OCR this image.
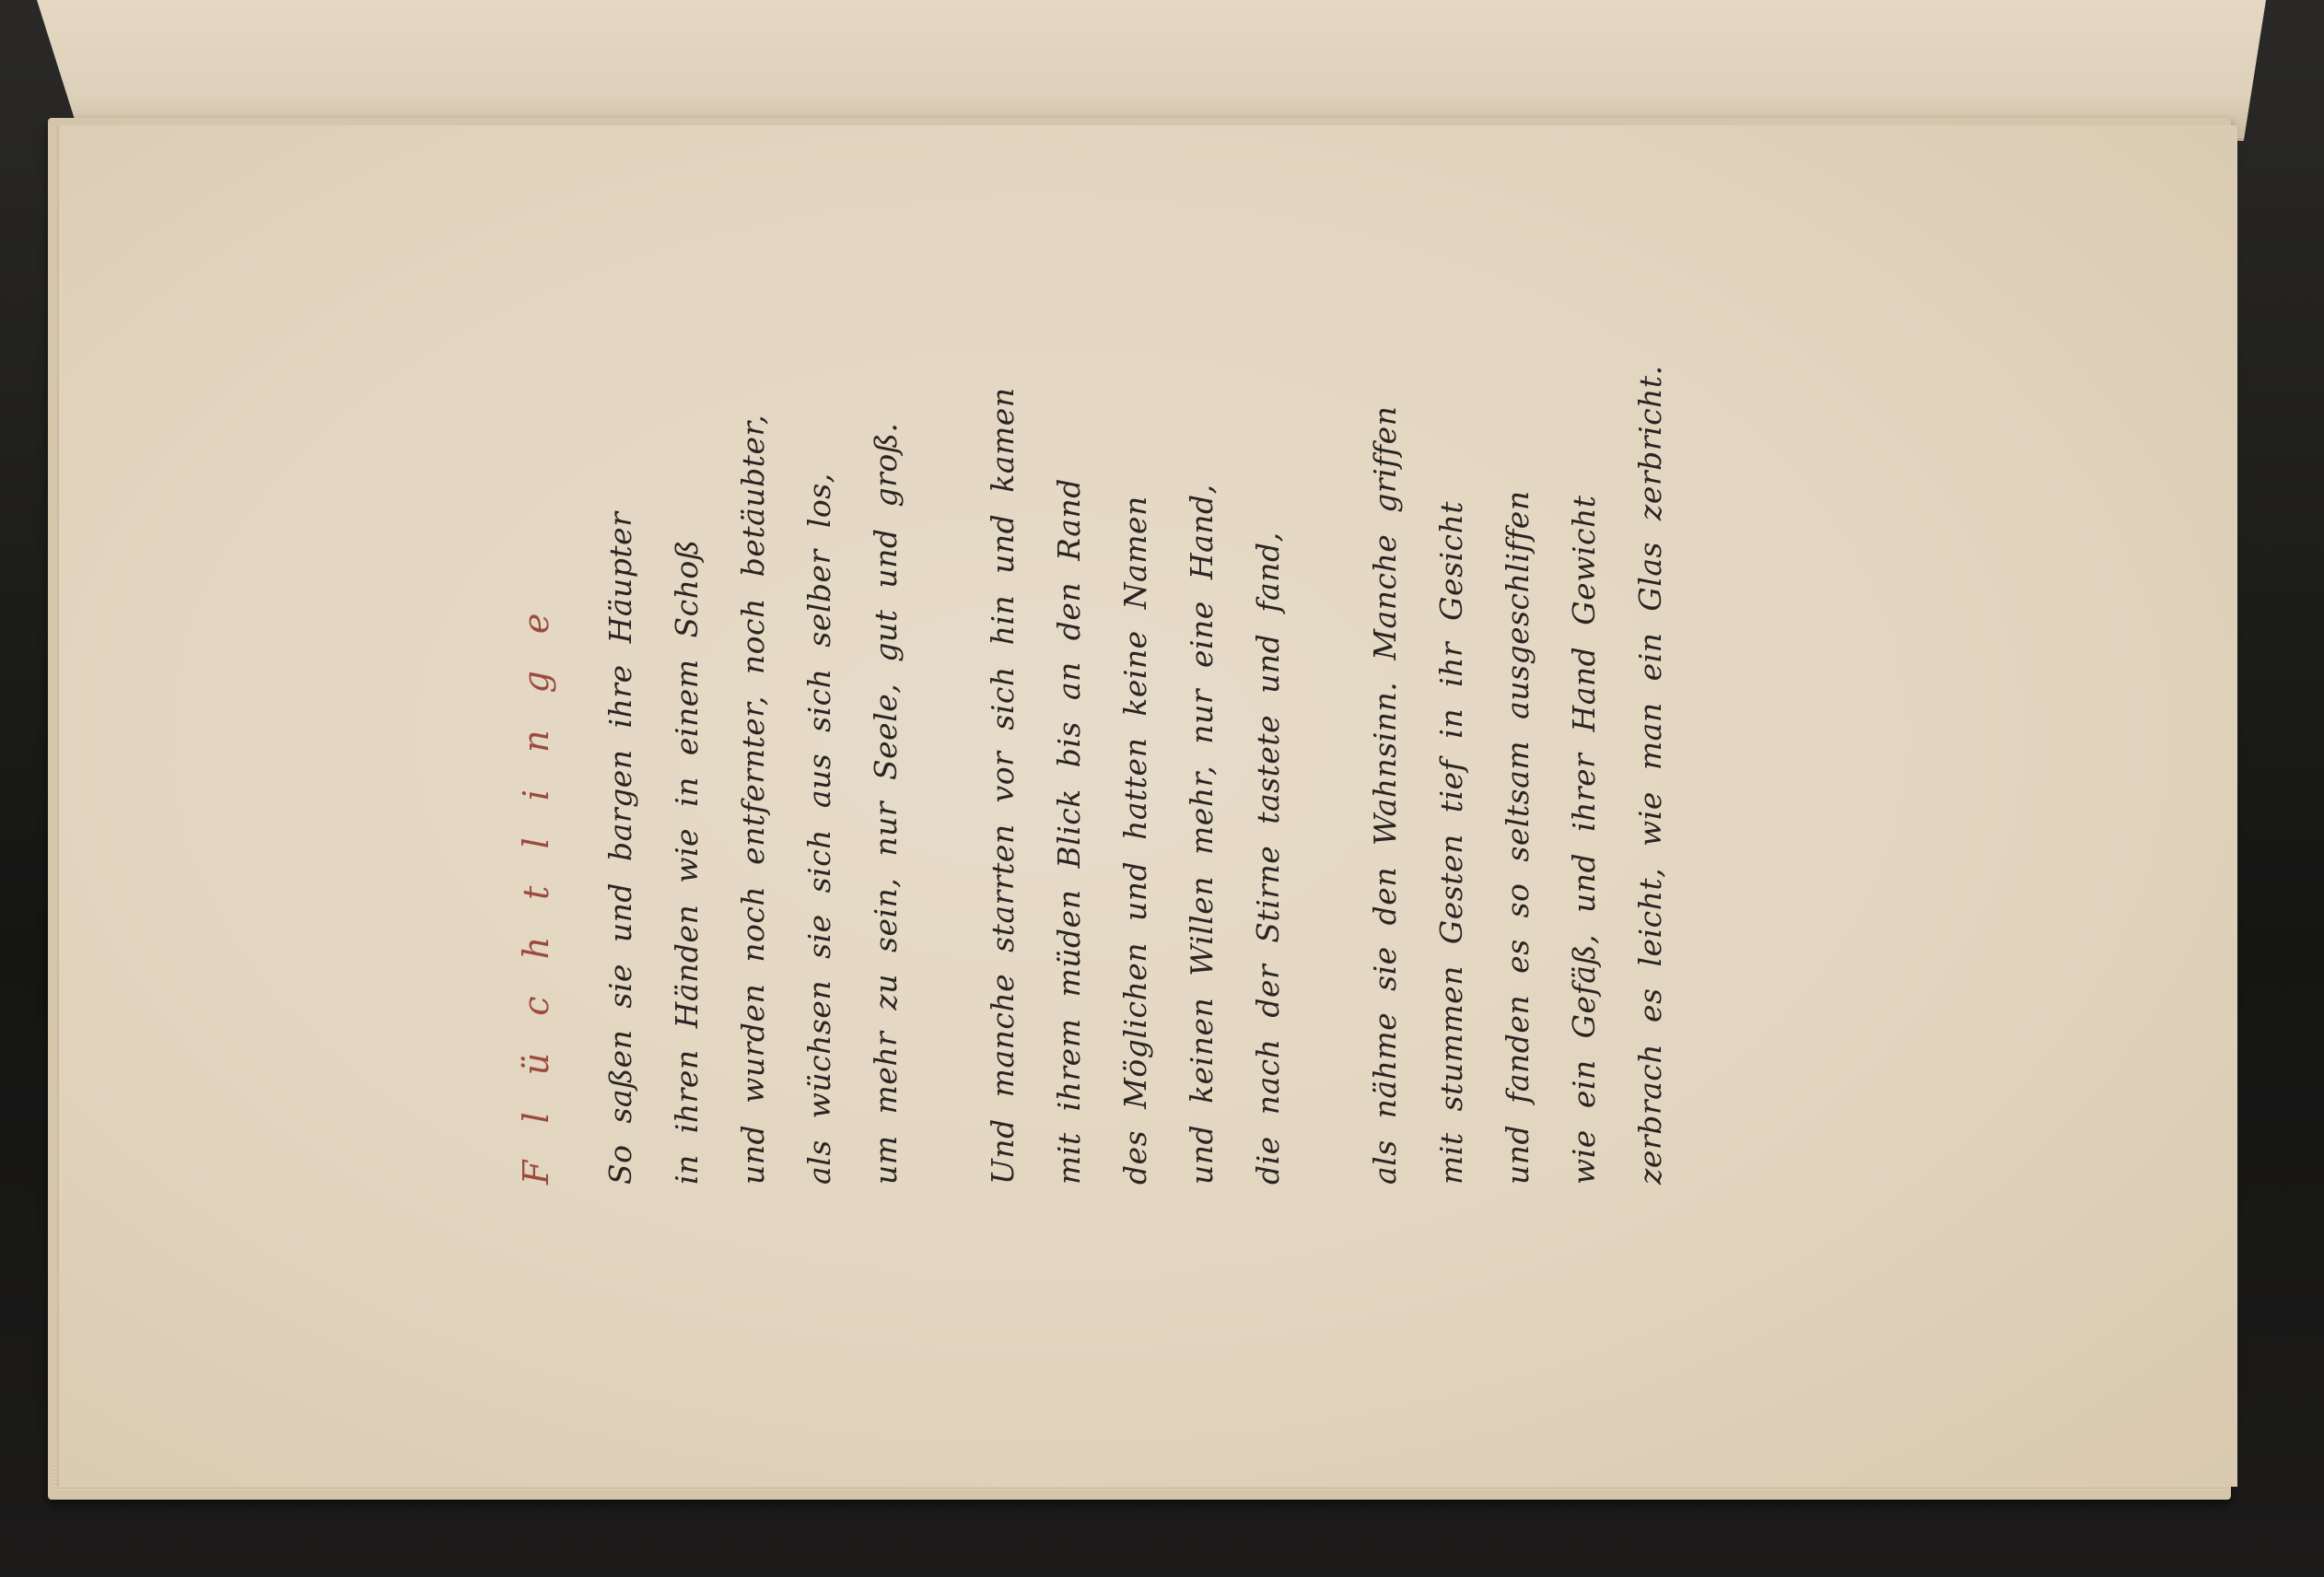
F l ü c h t l i n g e	So saßen sie und bargen ihre Häupter	in ihren Händen wie in einem Schoß	und wurden noch entfernter, noch betäubter,	als wüchsen sie sich aus sich selber los,	um mehr zu sein, nur Seele, gut und groß.	Und manche starrten vor sich hin und kamen	mit ihrem müden Blick bis an den Rand	des Möglichen und hatten keine Namen	und keinen Willen mehr, nur eine Hand,	die nach der Stirne tastete und fand,	als nähme sie den Wahnsinn. Manche griffen	mit stummen Gesten tief in ihr Gesicht	und fanden es so seltsam ausgeschliffen	wie ein Gefäß, und ihrer Hand Gewicht	zerbrach es leicht, wie man ein Glas zerbricht.
